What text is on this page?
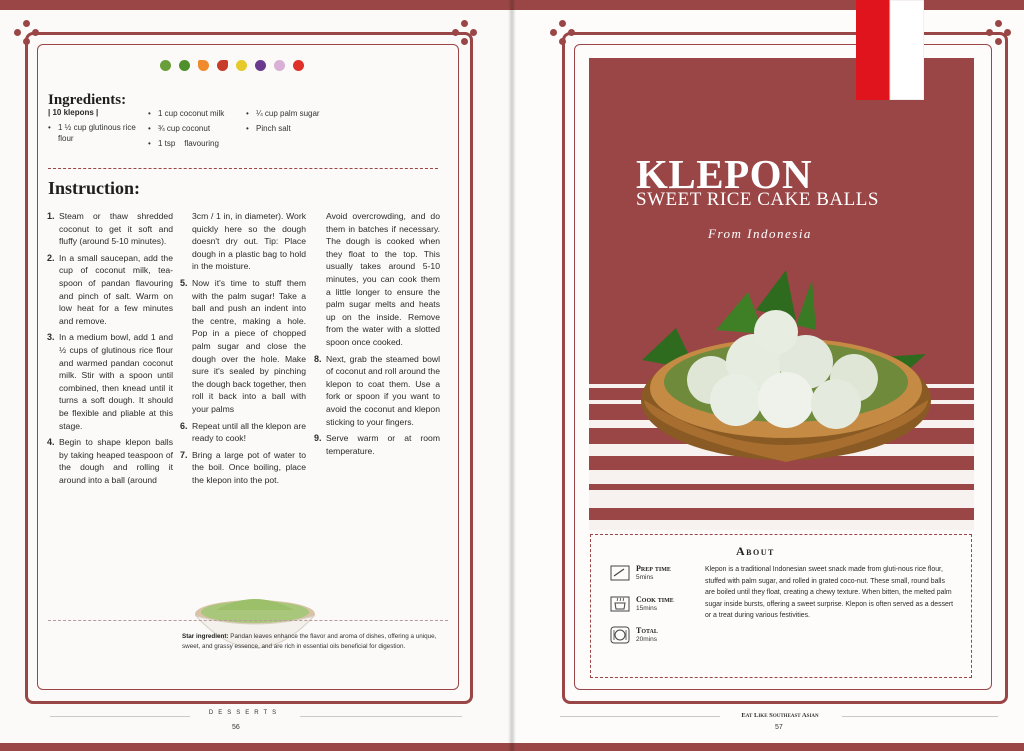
Ingredients:
| 10 klepons |
• 1 ½ cup glutinous rice flour
• 1 cup coconut milk
• ¾ cup coconut
• 1 tsp    flavouring
• ¼ cup palm sugar
• Pinch salt
Instruction:
1. Steam or thaw shredded coconut to get it soft and fluffy (around 5-10 minutes).
2. In a small saucepan, add the cup of coconut milk, tea-spoon of pandan flavouring and pinch of salt. Warm on low heat for a few minutes and remove.
3. In a medium bowl, add 1 and ½ cups of glutinous rice flour and warmed pandan coconut milk. Stir with a spoon until combined, then knead until it turns a soft dough. It should be flexible and pliable at this stage.
4. Begin to shape klepon balls by taking heaped teaspoon of the dough and rolling it around into a ball (around
3cm / 1 in, in diameter). Work quickly here so the dough doesn't dry out. Tip: Place dough in a plastic bag to hold in the moisture.
5. Now it's time to stuff them with the palm sugar! Take a ball and push an indent into the centre, making a hole. Pop in a piece of chopped palm sugar and close the dough over the hole. Make sure it's sealed by pinching the dough back together, then roll it back into a ball with your palms
6. Repeat until all the klepon are ready to cook!
7. Bring a large pot of water to the boil. Once boiling, place the klepon into the pot.
Avoid overcrowding, and do them in batches if necessary. The dough is cooked when they float to the top. This usually takes around 5-10 minutes, you can cook them a little longer to ensure the palm sugar melts and heats up on the inside. Remove from the water with a slotted spoon once cooked.
8. Next, grab the steamed bowl of coconut and roll around the klepon to coat them. Use a fork or spoon if you want to avoid the coconut and klepon sticking to your fingers.
9. Serve warm or at room temperature.
Star ingredient: Pandan leaves enhance the flavor and aroma of dishes, offering a unique, sweet, and grassy essence, and are rich in essential oils beneficial for digestion.
DESSERTS
56
KLEPON
SWEET RICE CAKE BALLS
From Indonesia
About
Klepon is a traditional Indonesian sweet snack made from gluti-nous rice flour, stuffed with palm sugar, and rolled in grated coco-nut. These small, round balls are boiled until they float, creating a chewy texture. When bitten, the melted palm sugar inside bursts, offering a sweet surprise. Klepon is often served as a dessert or a treat during various festivities.
Prep time
5mins
Cook time
15mins
Total
20mins
Eat Like Southeast Asian
57
